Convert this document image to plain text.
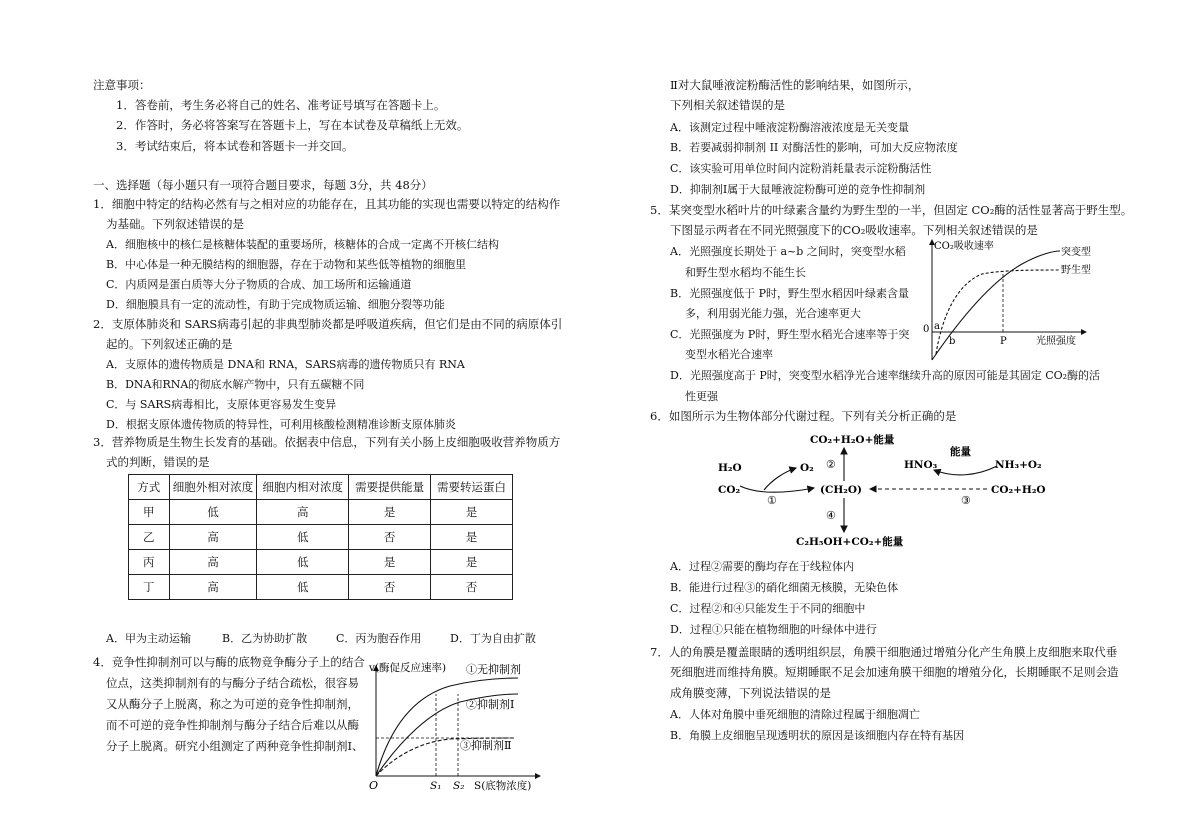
注意事项：
1．答卷前，考生务必将自己的姓名、准考证号填写在答题卡上。
2．作答时，务必将答案写在答题卡上，写在本试卷及草稿纸上无效。
3．考试结束后，将本试卷和答题卡一并交回。
一、选择题（每小题只有一项符合题目要求，每题 3分，共 48分）
1．细胞中特定的结构必然有与之相对应的功能存在，且其功能的实现也需要以特定的结构作
为基础。下列叙述错误的是
A．细胞核中的核仁是核糖体装配的重要场所，核糖体的合成一定离不开核仁结构
B．中心体是一种无膜结构的细胞器，存在于动物和某些低等植物的细胞里
C．内质网是蛋白质等大分子物质的合成、加工场所和运输通道
D．细胞膜具有一定的流动性，有助于完成物质运输、细胞分裂等功能
2．支原体肺炎和 SARS病毒引起的非典型肺炎都是呼吸道疾病，但它们是由不同的病原体引
起的。下列叙述正确的是
A．支原体的遗传物质是 DNA和 RNA，SARS病毒的遗传物质只有 RNA
B．DNA和RNA的彻底水解产物中，只有五碳糖不同
C．与 SARS病毒相比，支原体更容易发生变异
D．根据支原体遗传物质的特异性，可利用核酸检测精准诊断支原体肺炎
3．营养物质是生物生长发育的基础。依据表中信息，下列有关小肠上皮细胞吸收营养物质方
式的判断，错误的是
方式	细胞外相对浓度	细胞内相对浓度	需要提供能量	需要转运蛋白
甲	低	高	是	是
乙	高	低	否	是
丙	高	低	是	是
丁	高	低	否	否
A．甲为主动运输	B．乙为协助扩散	C．丙为胞吞作用	D．丁为自由扩散
4．竞争性抑制剂可以与酶的底物竞争酶分子上的结合
位点，这类抑制剂有的与酶分子结合疏松，很容易
又从酶分子上脱离，称之为可逆的竞争性抑制剂，
而不可逆的竞争性抑制剂与酶分子结合后难以从酶
分子上脱离。研究小组测定了两种竞争性抑制剂Ⅰ、
v(酶促反应速率)
O	S₁ S₂ S(底物浓度)
①无抑制剂
②抑制剂Ⅰ
③抑制剂Ⅱ
Ⅱ对大鼠唾液淀粉酶活性的影响结果，如图所示，
下列相关叙述错误的是
A．该测定过程中唾液淀粉酶溶液浓度是无关变量
B．若要减弱抑制剂 II 对酶活性的影响，可加大反应物浓度
C．该实验可用单位时间内淀粉消耗量表示淀粉酶活性
D．抑制剂Ⅰ属于大鼠唾液淀粉酶可逆的竞争性抑制剂
5．某突变型水稻叶片的叶绿素含量约为野生型的一半，但固定 CO₂酶的活性显著高于野生型。
下图显示两者在不同光照强度下的CO₂吸收速率。下列相关叙述错误的是
A．光照强度长期处于 a~b 之间时，突变型水稻
和野生型水稻均不能生长
B．光照强度低于 P时，野生型水稻因叶绿素含量
多，利用弱光能力强，光合速率更大
C．光照强度为 P时，野生型水稻光合速率等于突
变型水稻光合速率
D．光照强度高于 P时，突变型水稻净光合速率继续升高的原因可能是其固定 CO₂酶的活
性更强
CO₂吸收速率
0 a
b	P	光照强度
突变型
野生型
6．如图所示为生物体部分代谢过程。下列有关分析正确的是
CO₂+H₂O+能量
H₂O
CO₂
O₂
(CH₂O)
HNO₃
能量
NH₃+O₂
CO₂+H₂O
C₂H₅OH+CO₂+能量
①
②
③
④
A．过程②需要的酶均存在于线粒体内
B．能进行过程③的硝化细菌无核膜，无染色体
C．过程②和④只能发生于不同的细胞中
D．过程①只能在植物细胞的叶绿体中进行
7．人的角膜是覆盖眼睛的透明组织层，角膜干细胞通过增殖分化产生角膜上皮细胞来取代垂
死细胞进而维持角膜。短期睡眠不足会加速角膜干细胞的增殖分化，长期睡眠不足则会造
成角膜变薄，下列说法错误的是
A．人体对角膜中垂死细胞的清除过程属于细胞凋亡
B．角膜上皮细胞呈现透明状的原因是该细胞内存在特有基因
